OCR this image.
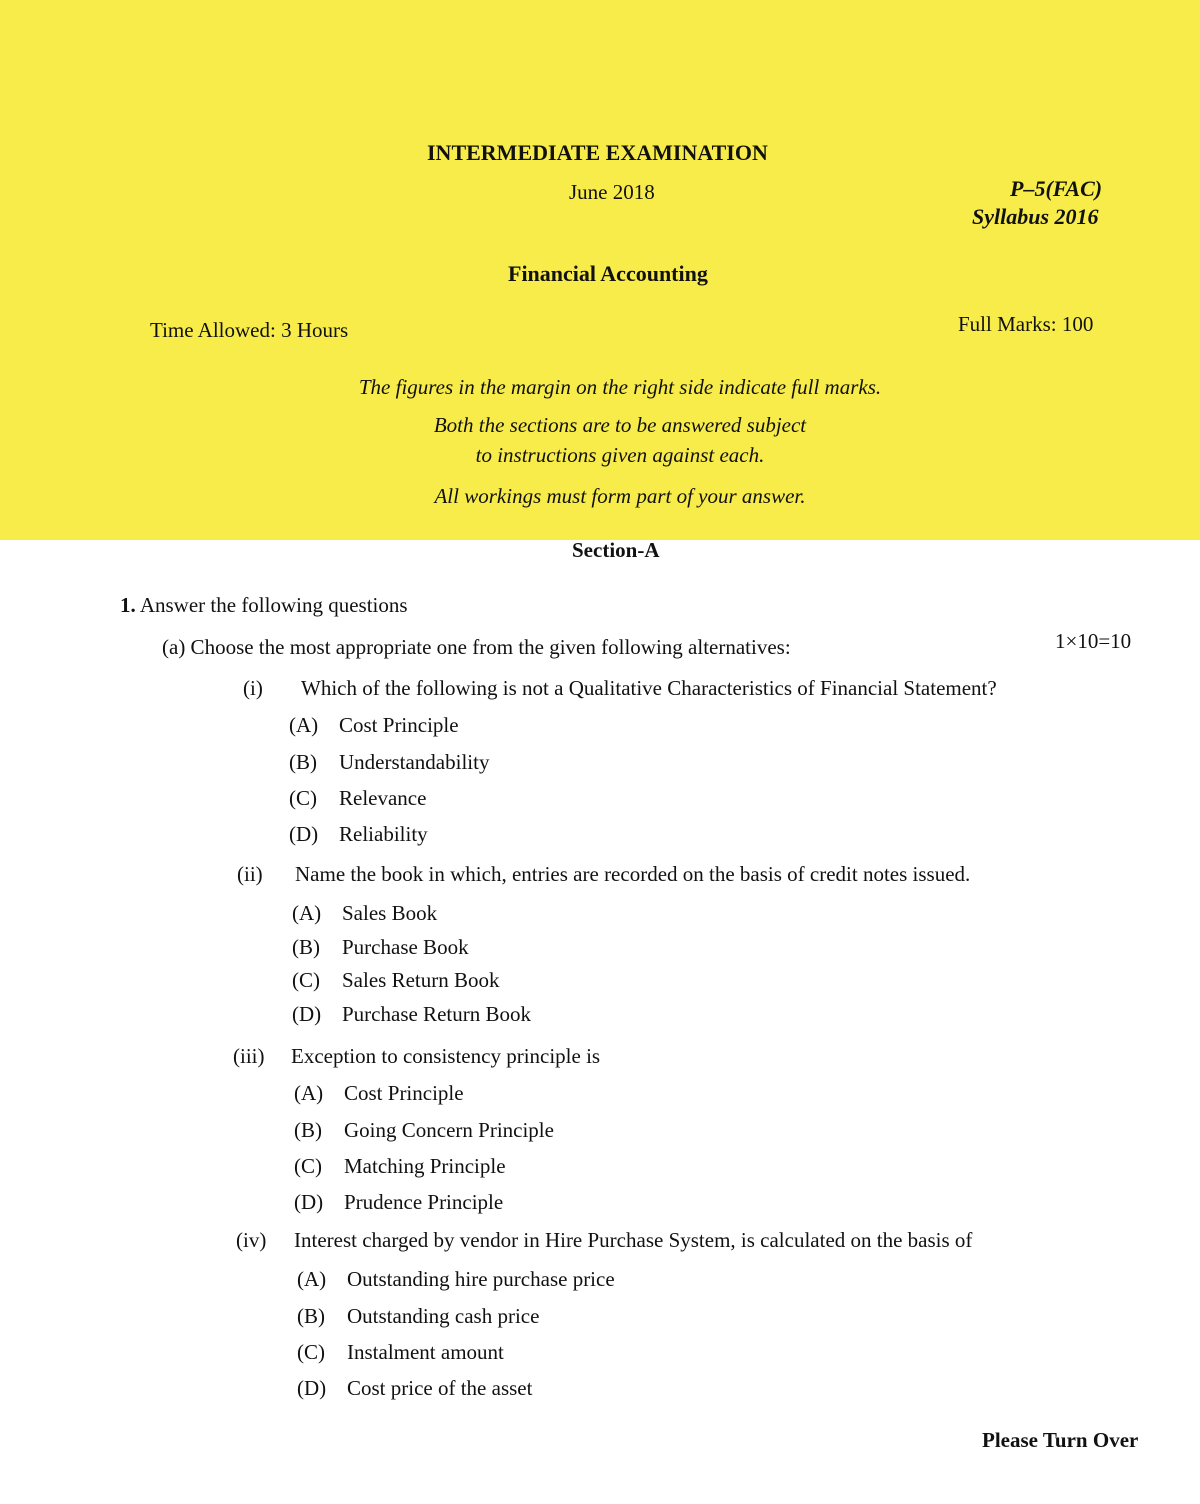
INTERMEDIATE EXAMINATION
June 2018	P–5(FAC)
Syllabus 2016
Financial Accounting
Time Allowed: 3 Hours	Full Marks: 100
The figures in the margin on the right side indicate full marks.
Both the sections are to be answered subject
to instructions given against each.
All workings must form part of your answer.
Section-A
1. Answer the following questions
(a) Choose the most appropriate one from the given following alternatives:	1×10=10
(i) Which of the following is not a Qualitative Characteristics of Financial Statement?
(A) Cost Principle
(B) Understandability
(C) Relevance
(D) Reliability
(ii) Name the book in which, entries are recorded on the basis of credit notes issued.
(A) Sales Book
(B) Purchase Book
(C) Sales Return Book
(D) Purchase Return Book
(iii) Exception to consistency principle is
(A) Cost Principle
(B) Going Concern Principle
(C) Matching Principle
(D) Prudence Principle
(iv) Interest charged by vendor in Hire Purchase System, is calculated on the basis of
(A) Outstanding hire purchase price
(B) Outstanding cash price
(C) Instalment amount
(D) Cost price of the asset
Please Turn Over
